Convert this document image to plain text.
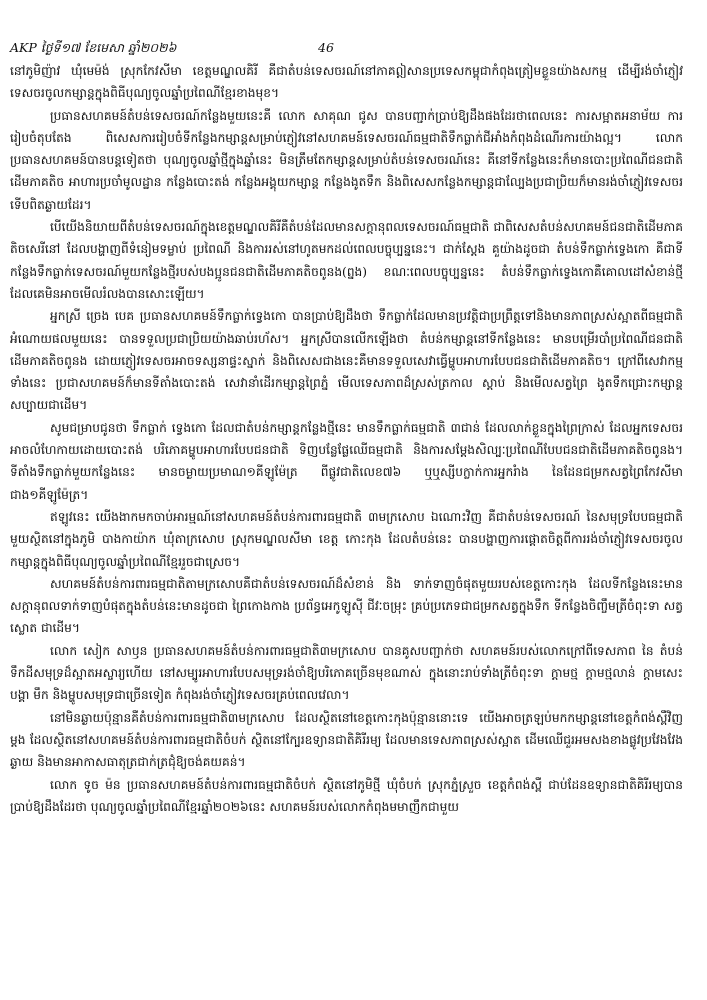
AKP ថ្ងៃទី១៧ ខែមេសា ឆ្នាំ២០២៦	46

នៅភូមិញ៉ាវ ឃុំមេម៉ង់ ស្រុកកែវសីមា ខេត្តមណ្ឌលគិរី គឺជាតំបន់ទេសចរណ៍នៅភាគឦសានប្រទេសកម្ពុជាកំពុងត្រៀមខ្លួនយ៉ាងសកម្ម ដើម្បីរង់ចាំភ្ញៀវទេសចរចូលកម្សាន្តក្នុងពិធីបុណ្យចូលឆ្នាំប្រពៃណីខ្មែរខាងមុខ។

ប្រធានសហគមន៍តំបន់ទេសចរណ៍កន្លែងមួយនេះគឺ លោក សាគុណ ជូស បានបញ្ជាក់ប្រាប់ឱ្យដឹងផងដែរថាពេលនេះ ការសម្អាតអនាម័យ ការរៀបចំតុបតែង ពិសេសការរៀបចំទីកន្លែងកម្សាន្តសម្រាប់ភ្ញៀវនៅសហគមន៍ទេសចរណ៍ធម្មជាតិទឹកធ្លាក់ជីអាំងកំពុងដំណើរការយ៉ាងល្អ។ លោកប្រធានសហគមន៍បានបន្តទៀតថា បុណ្យចូលឆ្នាំថ្មីក្នុងឆ្នាំនេះ មិនត្រឹមតែកម្សាន្តសម្រាប់តំបន់ទេសចរណ៍នេះ គឺនៅទីកន្លែងនេះក៏មានបោះប្រពៃណីជនជាតិដើមភាគតិច អាហារប្រចាំមូលដ្ឋាន កន្លែងបោះតង់ កន្លែងអង្គុយកម្សាន្ត កន្លែងងូតទឹក និងពិសេសកន្លែងកម្សាន្តជាល្បែងប្រជាប្រិយក៏មានរង់ចាំភ្ញៀវទេសចរទើបពិតឆ្ងាយដែរ។

បើយើងនិយាយពីតំបន់ទេសចរណ៍ក្នុងខេត្តមណ្ឌលគិរីគឺតំបន់ដែលមានសក្តានុពលទេសចរណ៍ធម្មជាតិ ជាពិសេសតំបន់សហគមន៍ជនជាតិដើមភាគតិចសេរីនៅ ដែលបង្ហាញពីទំនៀមទម្លាប់ ប្រពៃណី និងការរស់នៅហូតមកដល់ពេលបច្ចុប្បន្ននេះ។ ជាក់ស្តែង គួយ៉ាងដូចជា តំបន់ទឹកធ្លាក់ទ្វេងកោ គឺជាទីកន្លែងទឹកធ្លាក់ទេសចរណ៍មួយកន្លែងថ្មីរបស់បងប្អូនជនជាតិដើមភាគតិចពូនង(ព្នង) ខណៈពេលបច្ចុប្បន្ននេះ តំបន់ទឹកធ្លាក់ទ្វេងកោគឺគោលដៅសំខាន់ថ្មី ដែលគេមិនអាចមើលរំលងបានសោះឡើយ។

អ្នកស្រី ច្រេង បេគ ប្រធានសហគមន៍ទឹកធ្លាក់ទ្វេងកោ បានប្រាប់ឱ្យដឹងថា ទឹកធ្លាក់ដែលមានប្រវត្តិជាប្រព្រឹត្តទៅនិងមានភាពស្រស់ស្អាតពីធម្មជាតិអំណោយផលមួយនេះ បានទទួលប្រជាប្រិយយ៉ាងឆាប់រហ័ស។ អ្នកស្រីបានលើកឡើងថា តំបន់កម្សាន្តនៅទីកន្លែងនេះ មានបម្រើរបាំប្រពៃណីជនជាតិដើមភាគតិចពូនង ដោយភ្ញៀវទេសចរអាចទស្សនាផ្ទះស្នាក់ និងពិសេសជាងនេះគឺមានទទួលសេវាធ្វើម្ហូបអាហារបែបជនជាតិដើមភាគតិច។ ក្រៅពីសេវាកម្មទាំងនេះ ប្រជាសហគមន៍ក៏មានទីតាំងបោះតង់ សេវានាំដើរកម្សាន្តព្រៃភ្នំ មើលទេសភាពដ៏ស្រស់ត្រកាល ស្តាប់ និងមើលសត្វព្រៃ ងូតទឹកជ្រោះកម្សាន្តសប្បាយជាដើម។

សូមជម្រាបជូនថា ទឹកធ្លាក់ ទ្វេងកោ ដែលជាតំបន់កម្សាន្តកន្លែងថ្មីនេះ មានទឹកធ្លាក់ធម្មជាតិ ៣ជាន់ ដែលលាក់ខ្លួនក្នុងព្រៃក្រាស់ ដែលអ្នកទេសចរអាចលំហែកាយដោយបោះតង់ បរិភោគម្ហូបអាហារបែបជនជាតិ ទិញបន្លែផ្លែឈើធម្មជាតិ និងការសម្តែងសិល្បៈប្រពៃណីបែបជនជាតិដើមភាគតិចពូនង។ ទីតាំងទឹកធ្លាក់មួយកន្លែងនេះ មានចម្ងាយប្រមាណ១គីឡូម៉ែត្រ ពីផ្លូវជាតិលេខ៧៦ ឬឬស្សីបក្លាក់ការអ្នករំាង នៃដែនជម្រកសត្វព្រៃកែវសីមាជាង១គីឡូម៉ែត្រ។

ឥឡូវនេះ យើងងាកមកចាប់អារម្មណ៍នៅសហគមន៍តំបន់ការពារធម្មជាតិ ៣មក្រសោប ឯណោះវិញ គឺជាតំបន់ទេសចរណ៍ នៃសមុទ្របែបធម្មជាតិមួយស្ថិតនៅក្នុងភូមិ បាងកាយ៉ាក ឃុំតាក្រសោប ស្រុកមណ្ឌលសីមា ខេត្ត កោះកុង ដែលតំបន់នេះ បានបង្ហាញការផ្តោតចិត្តពីការរង់ចាំភ្ញៀវទេសចរចូលកម្សាន្តក្នុងពិធីបុណ្យចូលឆ្នាំប្រពៃណីខ្មែររួចជាស្រេច។

សហគមន៍តំបន់ការពារធម្មជាតិតាមក្រសោបគឺជាតំបន់ទេសចរណ៍ដ៏សំខាន់ និង ទាក់ទាញចំផុតមួយរបស់ខេត្តកោះកុង ដែលទីកន្លែងនេះមានសក្តានុពលទាក់ទាញបំផុតក្នុងតំបន់នេះមានដូចជា ព្រៃកោងកាង ប្រព័ន្ធអេកូឡូស៊ី ជីវៈចម្រុះ គ្រប់ប្រភេទជាជម្រកសត្វក្នុងទឹក ទីកន្លែងចិញ្ចឹមត្រីចំពុះទា សត្វស្លោត ជាដើម។

លោក សៀក សាឫន ប្រធានសហគមន៍តំបន់ការពារធម្មជាតិ៣មក្រសោប បានគូសបញ្ជាក់ថា សហគមន៍របស់លោកក្រៅពីទេសភាព នៃ តំបន់ទឹកដីសមុទ្រដ៏ស្អាតអស្ចារ្យហើយ នៅសម្បូរអាហារបែបសមុទ្ររង់ចាំឱ្យបរិភោគច្រើនមុខណាស់ ក្នុងនោះរាប់ទាំងត្រីចំពុះទា ក្តាមថ្ម ក្តាមថ្មលាន់ ក្តាមសេះ បង្គា មឹក និងម្ហូបសមុទ្រជាច្រើនទៀត កំពុងរង់ចាំភ្ញៀវទេសចរគ្រប់ពេលវេលា។

នៅមិនឆ្ងាយប៉ុន្មានគឺតំបន់ការពារធម្មជាតិ៣មក្រសោប ដែលស្ថិតនៅខេត្តកោះកុងប៉ុន្មាននោះទេ យើងអាចត្រឡប់មកកម្សាន្តនៅខេត្តកំពង់ស្ពឺវិញម្តង ដែលស្ថិតនៅសហគមន៍តំបន់ការពារធម្មជាតិចំបក់ ស្ថិតនៅក្បែរឧទ្យានជាតិគិរីរម្យ ដែលមានទេសភាពស្រស់ស្អាត ដើមឈើជួរអមសងខាងផ្លូវប្រវែងវែងឆ្ងាយ និងមានអាកាសធាតុត្រជាក់ត្រជុំឱ្យចង់គយគន់។

លោក ទូច ម៉ន ប្រធានសហគមន៍តំបន់ការពារធម្មជាតិចំបក់ ស្ថិតនៅភូមិថ្មី ឃុំចំបក់ ស្រុកភ្នំស្រួច ខេត្តកំពង់ស្ពឺ ជាប់ដែនឧទ្យានជាតិគិរីរម្យបានប្រាប់ឱ្យដឹងដែរថា បុណ្យចូលឆ្នាំប្រពៃណីខ្មែរឆ្នាំ២០២៦នេះ សហគមន៍របស់លោកកំពុងមមាញឹកជាមួយ
